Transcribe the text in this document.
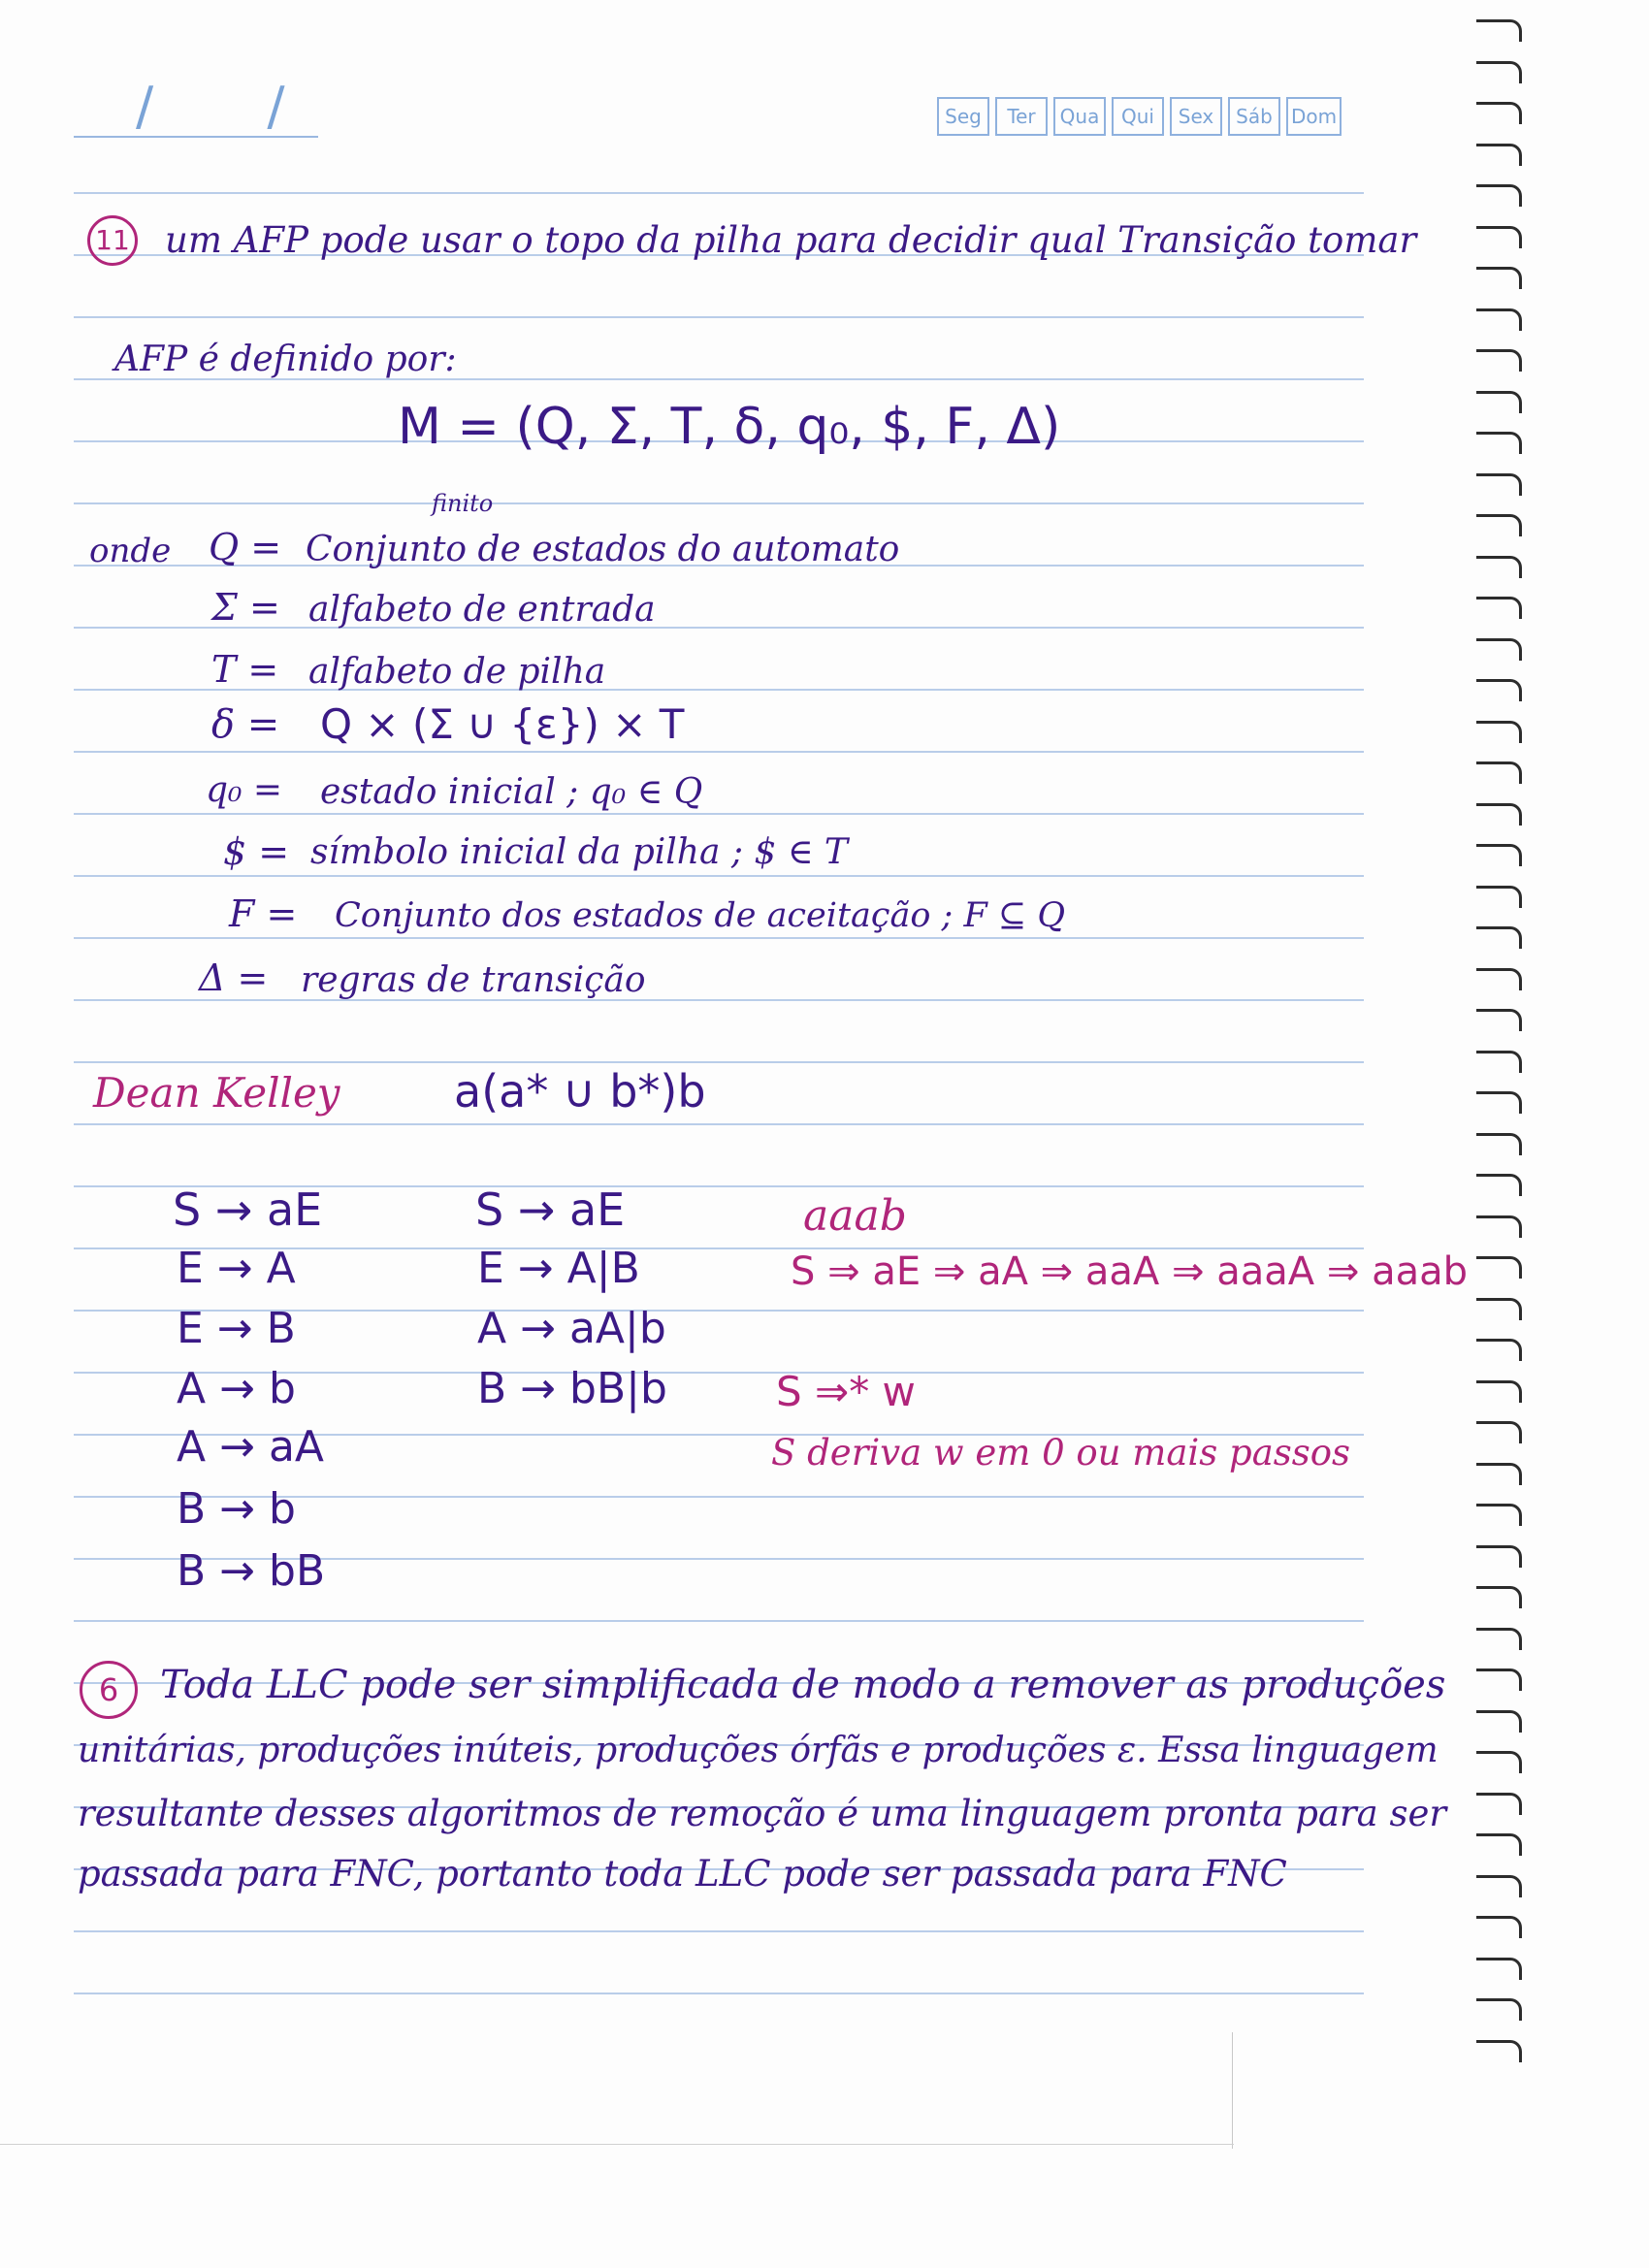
/ /	Seg	Ter	Qua	Qui	Sex	Sáb Dom
11 um AFP pode usar o topo da pilha para decidir qual Transição tomar
AFP é definido por:
M = (Q, Σ, T, δ, q₀, $, F, Δ)
finito
onde Q = Conjunto de estados do automato
Σ = alfabeto de entrada
T = alfabeto de pilha
δ = Q × (Σ ∪ {ε}) × T
q₀ = estado inicial ; q₀ ∈ Q
$ = símbolo inicial da pilha ; $ ∈ T
F = Conjunto dos estados de aceitação ; F ⊆ Q
Δ = regras de transição
Dean Kelley	a(a* ∪ b*)b
S → aE
E → A
E → B
A → b
A → aA
B → b
B → bB
S → aE
E → A|B
A → aA|b
B → bB|b
aaab
S ⇒ aE ⇒ aA ⇒ aaA ⇒ aaaA ⇒ aaab
S ⇒* w
S deriva w em 0 ou mais passos
6	Toda LLC pode ser simplificada de modo a remover as produções
unitárias, produções inúteis, produções órfãs e produções ε. Essa linguagem
resultante desses algoritmos de remoção é uma linguagem pronta para ser
passada para FNC, portanto toda LLC pode ser passada para FNC
